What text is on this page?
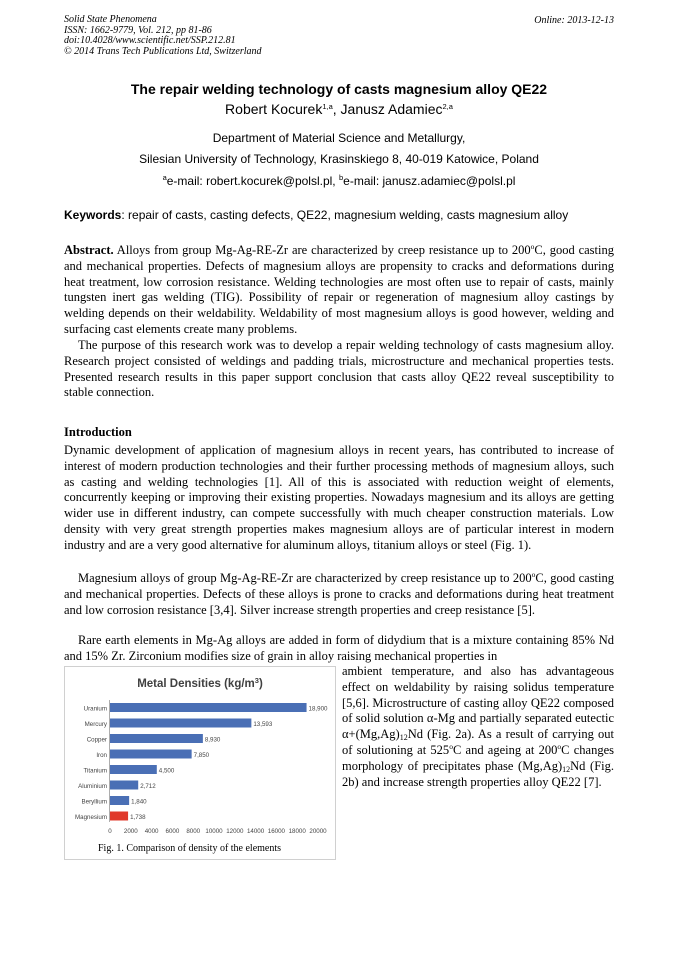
Solid State Phenomena
ISSN: 1662-9779, Vol. 212, pp 81-86
doi:10.4028/www.scientific.net/SSP.212.81
© 2014 Trans Tech Publications Ltd, Switzerland
Online: 2013-12-13
The repair welding technology of casts magnesium alloy QE22
Robert Kocurek$^{1,a}$, Janusz Adamiec$^{2,a}$
Department of Material Science and Metallurgy,
Silesian University of Technology, Krasinskiego 8, 40-019 Katowice, Poland
$^a$e-mail: robert.kocurek@polsl.pl, $^b$e-mail: janusz.adamiec@polsl.pl
Keywords: repair of casts, casting defects, QE22, magnesium welding, casts magnesium alloy
Abstract. Alloys from group Mg-Ag-RE-Zr are characterized by creep resistance up to 200$^o$C, good casting and mechanical properties. Defects of magnesium alloys are propensity to cracks and deformations during heat treatment, low corrosion resistance. Welding technologies are most often use to repair of casts, mainly tungsten inert gas welding (TIG). Possibility of repair or regeneration of magnesium alloy castings by welding depends on their weldability. Weldability of most magnesium alloys is good however, welding and surfacing cast elements create many problems.
The purpose of this research work was to develop a repair welding technology of casts magnesium alloy. Research project consisted of weldings and padding trials, microstructure and mechanical properties tests. Presented research results in this paper support conclusion that casts alloy QE22 reveal susceptibility to stable connection.
Introduction
Dynamic development of application of magnesium alloys in recent years, has contributed to increase of interest of modern production technologies and their further processing methods of magnesium alloys, such as casting and welding technologies [1]. All of this is associated with reduction weight of elements, concurrently keeping or improving their existing properties. Nowadays magnesium and its alloys are getting wider use in different industry, can compete successfully with much cheaper construction materials. Low density with very great strength properties makes magnesium alloys are of particular interest in modern industry and are a very good alternative for aluminum alloys, titanium alloys or steel (Fig. 1).
Magnesium alloys of group Mg-Ag-RE-Zr are characterized by creep resistance up to 200$^o$C, good casting and mechanical properties. Defects of these alloys is prone to cracks and deformations during heat treatment and low corrosion resistance [3,4]. Silver increase strength properties and creep resistance [5].
Rare earth elements in Mg-Ag alloys are added in form of didydium that is a mixture containing 85% Nd and 15% Zr. Zirconium modifies size of grain in alloy raising mechanical properties in
ambient temperature, and also has advantageous effect on weldability by raising solidus temperature [5,6]. Microstructure of casting alloy QE22 composed of solid solution α-Mg and partially separated eutectic $\alpha+(Mg,Ag)_{12}Nd$ (Fig. 2a). As a result of carrying out of solutioning at 525$^o$C and ageing at 200$^o$C changes morphology of precipitates phase $(Mg,Ag)_{12}Nd$ (Fig. 2b) and increase strength properties alloy QE22 [7].
Metal Densities $(kg/m^3)$
Uranium	18,900
Mercury	13,593
Copper	8,930
Iron	7,850
Titanium	4,500
Aluminium	2,712
Beryllium	1,840
Magnesium	1,738
0 2000 4000 6000 8000 10000 12000 14000 16000 18000 20000
Fig. 1. Comparison of density of the elements
